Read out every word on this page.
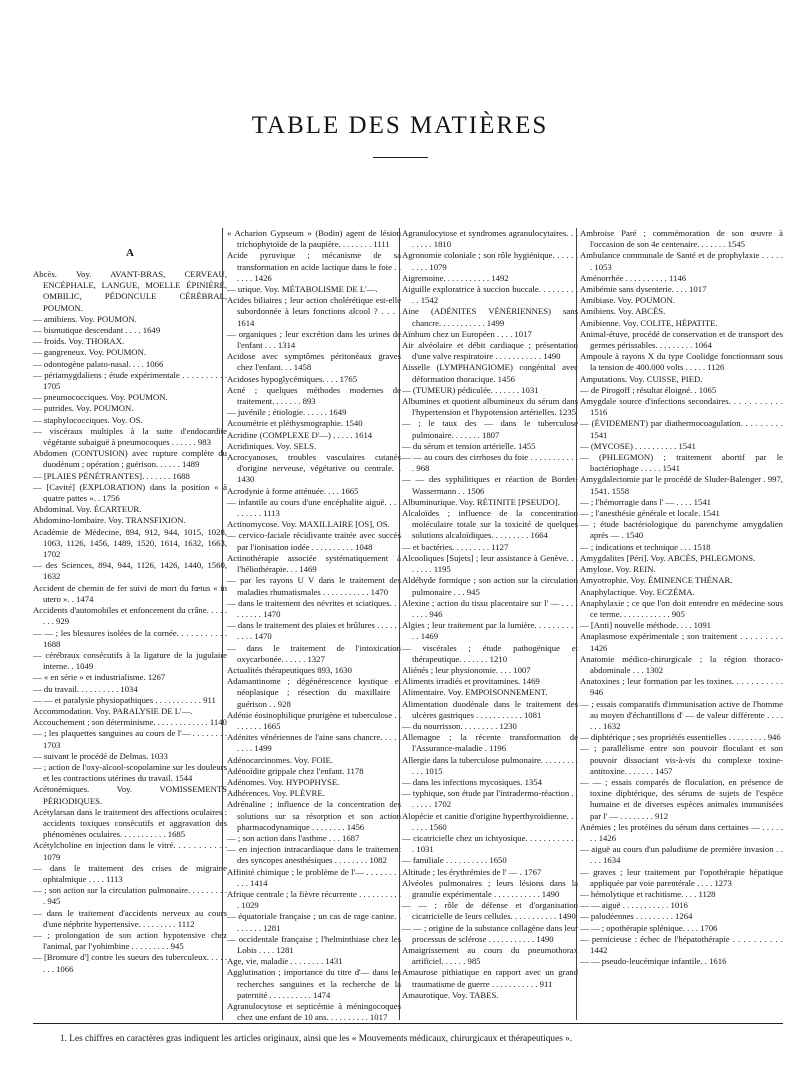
TABLE DES MATIÈRES

A

Abcès. Voy. AVANT-BRAS, CERVEAU, ENCÉPHALE, LANGUE, MOELLE ÉPINIÈRE, OMBILIC, PÉDONCULE CÉRÉBRAL, POUMON.

— amibiens. Voy. POUMON.

— bismutique descendant . . . . 1649

— froids. Voy. THORAX.

— gangreneux. Voy. POUMON.

— odontogène palato-nasal. . . . 1066

— périamygdaliens ; étude expérimentale . . . . . . . . . . 1705

— pneumococciques. Voy. POUMON.

— putrides. Voy. POUMON.

— staphylococciques. Voy. OS.

— viscéraux multiples à la suite d'endocardite végétante subaiguë à pneumocoques . . . . . . 983

Abdomen (CONTUSION) avec rupture complète du duodénum ; opération ; guérison. . . . . . 1489

— [PLAIES PÉNÉTRANTES]. . . . . . . 1688

— [Cavité] (EXPLORATION) dans la position « à quatre pattes ». . 1756

Abdominal. Voy. ÉCARTEUR.

Abdomino-lombaire. Voy. TRANSFIXION.

Académie de Médecine, 894, 912, 944, 1015, 1028, 1063, 1126, 1456, 1489, 1520, 1614, 1632, 1663, 1702

— des Sciences, 894, 944, 1126, 1426, 1440, 1560, 1632

Accident de chemin de fer suivi de mort du fœtus « in utero ». . 1474

Accidents d'automobiles et enfoncement du crâne. . . . . . . . 929

— — ; les blessures isolées de la cornée. . . . . . . . . . . 1688

— cérébraux consécutifs à la ligature de la jugulaire interne. . 1049

— « en série » et industrialisme. 1267

— du travail. . . . . . . . . . 1034

— — et paralysie physiopathiques . . . . . . . . . . . 911

Accommodation. Voy. PARALYSIE DE L'—.

Accouchement ; son déterminisme. . . . . . . . . . . . . 1140

— ; les plaquettes sanguines au cours de l'— . . . . . . . . 1703

— suivant le procédé de Delmas. 1033

— ; action de l'oxy-alcool-scopolamine sur les douleurs et les contractions utérines du travail. 1544

Acétonémiques. Voy. VOMISSEMENTS PÉRIODIQUES.

Acétylarsan dans le traitement des affections oculaires : accidents toxiques consécutifs et aggravation des phénomènes oculaires. . . . . . . . . . . 1685

Acétylcholine en injection dans le vitré. . . . . . . . . . . 1079

— dans le traitement des crises de migraine ophtalmique . . . . 1113

— ; son action sur la circulation pulmonaire. . . . . . . . . . 945

— dans le traitement d'accidents nerveux au cours d'une néphrite hypertensive. . . . . . . . . 1112

— ; prolongation de son action hypotensive chez l'animal, par l'yohimbine . . . . . . . . . 945

— [Bromure d'] contre les sueurs des tuberculeux. . . . . . . . 1066

« Acharion Gypseum » (Bodin) agent de lésion trichophytoïde de la paupière. . . . . . . . 1111

Acide pyruvique ; mécanisme de sa transformation en acide lactique dans le foie . . . . . . 1426

— urique. Voy. MÉTABOLISME DE L'—.

Acides biliaires ; leur action cholérétique est-elle subordonnée à leurs fonctions alcool ? . . . . 1614

— organiques ; leur excrétion dans les urines de l'enfant . . . 1314

Acidose avec symptômes péritonéaux graves chez l'enfant. . . 1458

Acidoses hypoglycémiques. . . . 1765

Acné ; quelques méthodes modernes de traitement. . . . . . . 893

— juvénile ; étiologie. . . . . . 1649

Acoumétrie et pléthysmographie. 1540

Acridine (COMPLEXE D'—) . . . . . 1614

Acridiniques. Voy. SELS.

Acrocyanoses, troubles vasculaires cutanés d'origine nerveuse, végétative ou centrale. . 1430

Acrodynie à forme atténuée. . . . 1665

— infantile au cours d'une encéphalite aiguë. . . . . . . . . . 1113

Actinomycose. Voy. MAXILLAIRE [OS], OS.

— cervico-faciale récidivante traitée avec succès par l'ionisation iodée . . . . . . . . . . 1048

Actinothérapie associée systématiquement à l'héliothérapie. . . 1469

— par les rayons U V dans le traitement des maladies rhumatismales . . . . . . . . . . . 1470

— dans le traitement des névrites et sciatiques. . . . . . . . . 1470

— dans le traitement des plaies et brûlures . . . . . . . . . . 1470

— dans le traitement de l'intoxication oxycarbonée. . . . . . 1327

Actualités thérapeutiques 893, 1630

Adamantinome ; dégénérescence kystique et néoplasique ; résection du maxillaire ; guérison . . 928

Adénie éosinophilique prurigène et tuberculose . . . . . . . . 1665

Adénites vénériennes de l'aine sans chancre. . . . . . . . . 1499

Adénocarcinomes. Voy. FOIE.

Adénoïdite grippale chez l'enfant. 1178

Adénomes. Voy. HYPOPHYSE.

Adhérences. Voy. PLÈVRE.

Adrénaline ; influence de la concentration des solutions sur sa résorption et son action pharmacodynamique . . . . . . . . 1456

— ; son action dans l'asthme . . . 1687

— en injection intracardiaque dans le traitement des syncopes anesthésiques . . . . . . . . 1082

Affinité chimique ; le problème de l'— . . . . . . . . . . . 1414

Afrique centrale ; la fièvre récurrente . . . . . . . . . . . 1029

— équatoriale française ; un cas de rage canine. . . . . . . . 1281

— occidentale française ; l'helminthiase chez les Lobis . . . . 1281

Age, vie, maladie . . . . . . . . 1431

Agglutination ; importance du titre d'— dans les recherches sanguines et la recherche de la paternité . . . . . . . . . . 1474

Agranulocytose et septicémie à méningocoques chez une enfant de 10 ans. . . . . . . . . . 1017

Agranulocytose et syndromes agranulocytaires. . . . . . . . 1810

Agronomie coloniale ; son rôle hygiénique. . . . . . . . . . 1079

Aigremoine. . . . . . . . . . . 1492

Aiguille exploratrice à succion buccale. . . . . . . . . . . 1542

Aine (ADÉNITES VÉNÉRIENNES) sans chancre. . . . . . . . . . . 1499

Aïnhum chez un Européen . . . . 1017

Air alvéolaire et débit cardiaque ; présentation d'une valve respiratoire . . . . . . . . . . . 1490

Aisselle (LYMPHANGIOME) congénital avec déformation thoracique. 1456

— (TUMEUR) pédiculée. . . . . . . 1031

Albumines et quotient albumineux du sérum dans l'hypertension et l'hypotension artérielles. 1235

— ; le taux des — dans le tuberculose pulmonaire. . . . . . . 1807

— du sérum et tension artérielle. 1455

— — au cours des cirrhoses du foie . . . . . . . . . . . . 968

— — des syphilitiques et réaction de Bordet-Wassermann . . 1506

Albuminurique. Voy. RÉTINITE [PSEUDO].

Alcaloïdes ; influence de la concentration moléculaire totale sur la toxicité de quelques solutions alcaloïdiques. . . . . . . . . 1664

— et bactéries. . . . . . . . . 1127

Alcooliques [Sujets] ; leur assistance à Genève. . . . . . . . 1195

Aldéhyde formique ; son action sur la circulation pulmonaire . . . 945

Alexine ; action du tissu placentaire sur l' — . . . . . . . . 946

Algies ; leur traitement par la lumière. . . . . . . . . . . . 1469

— viscérales ; étude pathogénique et thérapeutique. . . . . . . 1210

Aliénés ; leur physionomie. . . . 1007

Aliments irradiés et provitamines. 1469

Alimentaire. Voy. EMPOISONNEMENT.

Alimentation duodénale dans le traitement des ulcères gastriques . . . . . . . . . . . 1081

— du nourrisson. . . . . . . . . 1230

Allemagne ; la récente transformation de l'Assurance-maladie . 1196

Allergie dans la tuberculose pulmonaire. . . . . . . . . . . . 1015

— dans les infections mycosiques. 1354

— typhique, son étude par l'intradermo-réaction . . . . . . . 1702

Alopécie et canitie d'origine hyperthyroïdienne. . . . . . . 1560

— cicatricielle chez un ichtyosique. . . . . . . . . . . . . 1031

— familiale . . . . . . . . . . 1650

Altitude ; les érythrémies de l' — . 1767

Alvéoles pulmonaires ; leurs lésions dans la granulie expérimentale . . . . . . . . . . . 1490

— — ; rôle de défense et d'organisation cicatricielle de leurs cellules. . . . . . . . . . . 1490

— — ; origine de la substance collagène dans leur processus de sclérose . . . . . . . . . . . 1490

Amaigrissement au cours du pneumothorax artificiel. . . . . . 985

Amaurose pithiatique en rapport avec un grand traumatisme de guerre . . . . . . . . . . . 911

Amaurotique. Voy. TABES.

Ambroise Paré ; commémoration de son œuvre à l'occasion de son 4e centenaire. . . . . . . 1545

Ambulance communale de Santé et de prophylaxie . . . . . . 1053

Aménorrhée . . . . . . . . . . 1146

Amibémie sans dysenterie. . . . 1017

Amibiase. Voy. POUMON.

Amibiens. Voy. ABCÈS.

Amibienne. Voy. COLITE, HÉPATITE.

Animal-étuve, procédé de conservation et de transport des germes périssables. . . . . . . . . 1064

Ampoule à rayons X du type Coolidge fonctionnant sous la tension de 400.000 volts . . . . . 1126

Amputations. Voy. CUISSE, PIED.

— de Pirogoff ; résultat éloigné. . 1065

Amygdale source d'infections secondaires. . . . . . . . . . . 1516

— (ÉVIDEMENT) par diathermocoagulation. . . . . . . . . 1541

— (MYCOSE) . . . . . . . . . . 1541

— (PHLEGMON) ; traitement abortif par le bactériophage . . . . . 1541

Amygdalectomie par le procédé de Sluder-Balenger . 997, 1541. 1558

— ; l'hémorragie dans l' — . . . . 1541

— ; l'anesthésie générale et locale. 1541

— ; étude bactériologique du parenchyme amygdalien après — . 1540

— ; indications et technique . . . 1518

Amygdalites [Péri]. Voy. ABCÈS, PHLEGMONS.

Amylose. Voy. REIN.

Amyotrophie. Voy. ÉMINENCE THÉNAR.

Anaphylactique. Voy. ECZÉMA.

Anaphylaxie ; ce que l'on doit entendre en médecine sous ce terme. . . . . . . . . . . . 905

— [Anti] nouvelle méthode. . . . 1091

Anaplasmose expérimentale ; son traitement . . . . . . . . . 1426

Anatomie médico-chirurgicale ; la région thoraco-abdominale . . . 1302

Anatoxines ; leur formation par les toxines. . . . . . . . . . . 946

— ; essais comparatifs d'immunisation active de l'homme au moyen d'échantillons d' — de valeur différente . . . . . . . 1632

— diphtérique ; ses propriétés essentielles . . . . . . . . . 946

— ; parallélisme entre son pouvoir floculant et son pouvoir dissociant vis-à-vis du complexe toxine-antitoxine. . . . . . . 1457

— — ; essais comparés de floculation, en présence de toxine diphtérique, des sérums de sujets de l'espèce humaine et de diverses espèces animales immunisées par l' — . . . . . . . . 912

Anémies ; les protéines du sérum dans certaines — . . . . . . . 1426

— aiguë au cours d'un paludisme de première invasion . . . . . 1634

— graves ; leur traitement par l'opothérapie hépatique appliquée par voie parentérale . . . . 1273

— hémolytique et rachitisme. . . . 1128

— — aiguë . . . . . . . . . . . 1016

— paludéennes . . . . . . . . . 1264

— — ; opothérapie splénique. . . . 1706

— pernicieuse : échec de l'hépatothérapie . . . . . . . . . . 1442

— — pseudo-leucémique infantile. . 1616

1. Les chiffres en caractères gras indiquent les articles originaux, ainsi que les « Mouvements médicaux, chirurgicaux et thérapeutiques ».
